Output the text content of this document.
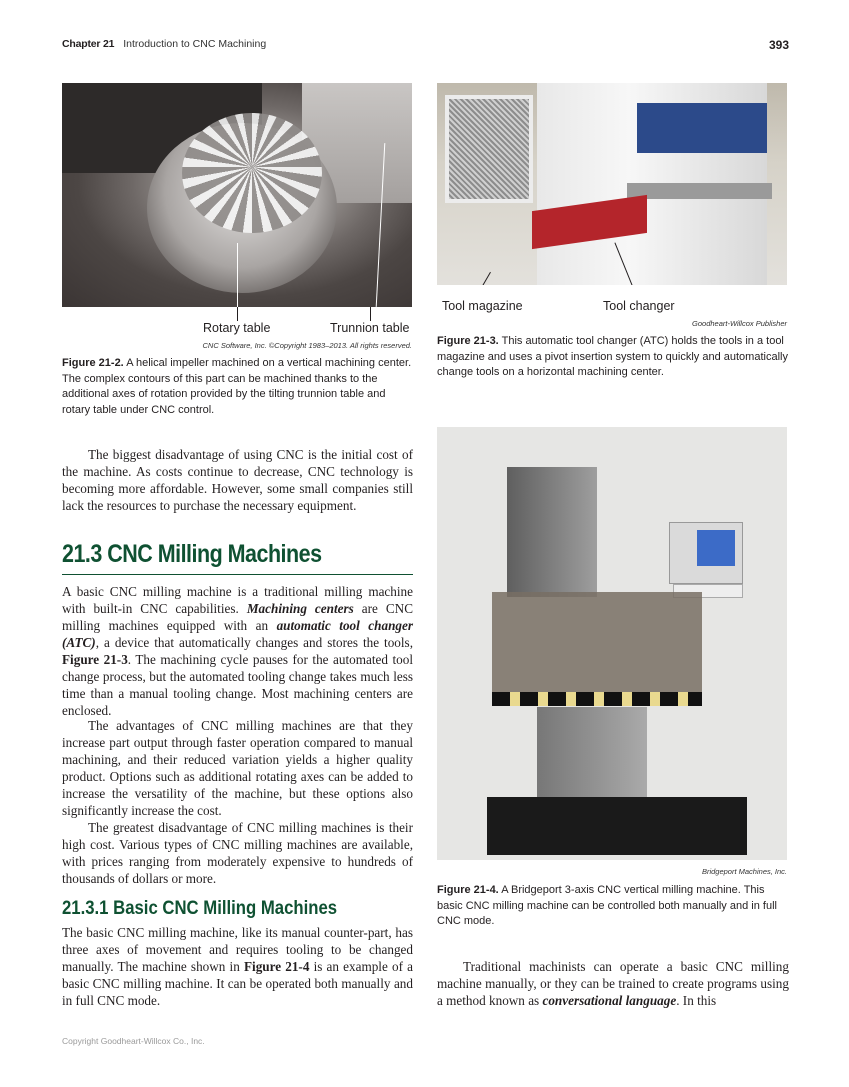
Chapter 21 Introduction to CNC Machining	393
Rotary table	Trunnion table
CNC Software, Inc. ©Copyright 1983–2013. All rights reserved.
Figure 21-2. A helical impeller machined on a vertical machining center. The complex contours of this part can be machined thanks to the additional axes of rotation provided by the tilting trunnion table and rotary table under CNC control.
Tool magazine	Tool changer
Goodheart-Willcox Publisher
Figure 21-3. This automatic tool changer (ATC) holds the tools in a tool magazine and uses a pivot insertion system to quickly and automatically change tools on a horizontal machining center.
Bridgeport Machines, Inc.
Figure 21-4. A Bridgeport 3-axis CNC vertical milling machine. This basic CNC milling machine can be controlled both manually and in full CNC mode.
The biggest disadvantage of using CNC is the initial cost of the machine. As costs continue to decrease, CNC technology is becoming more affordable. However, some small companies still lack the resources to purchase the necessary equipment.
21.3 CNC Milling Machines
A basic CNC milling machine is a traditional milling machine with built-in CNC capabilities. Machining centers are CNC milling machines equipped with an automatic tool changer (ATC), a device that automatically changes and stores the tools, Figure 21-3. The machining cycle pauses for the automated tool change process, but the automated tooling change takes much less time than a manual tooling change. Most machining centers are enclosed.
The advantages of CNC milling machines are that they increase part output through faster operation compared to manual machining, and their reduced variation yields a higher quality product. Options such as additional rotating axes can be added to increase the versatility of the machine, but these options also significantly increase the cost.
The greatest disadvantage of CNC milling machines is their high cost. Various types of CNC milling machines are available, with prices ranging from moderately expensive to hundreds of thousands of dollars or more.
21.3.1 Basic CNC Milling Machines
The basic CNC milling machine, like its manual counter-part, has three axes of movement and requires tooling to be changed manually. The machine shown in Figure 21-4 is an example of a basic CNC milling machine. It can be operated both manually and in full CNC mode.
Traditional machinists can operate a basic CNC milling machine manually, or they can be trained to create programs using a method known as conversational language. In this
Copyright Goodheart-Willcox Co., Inc.
